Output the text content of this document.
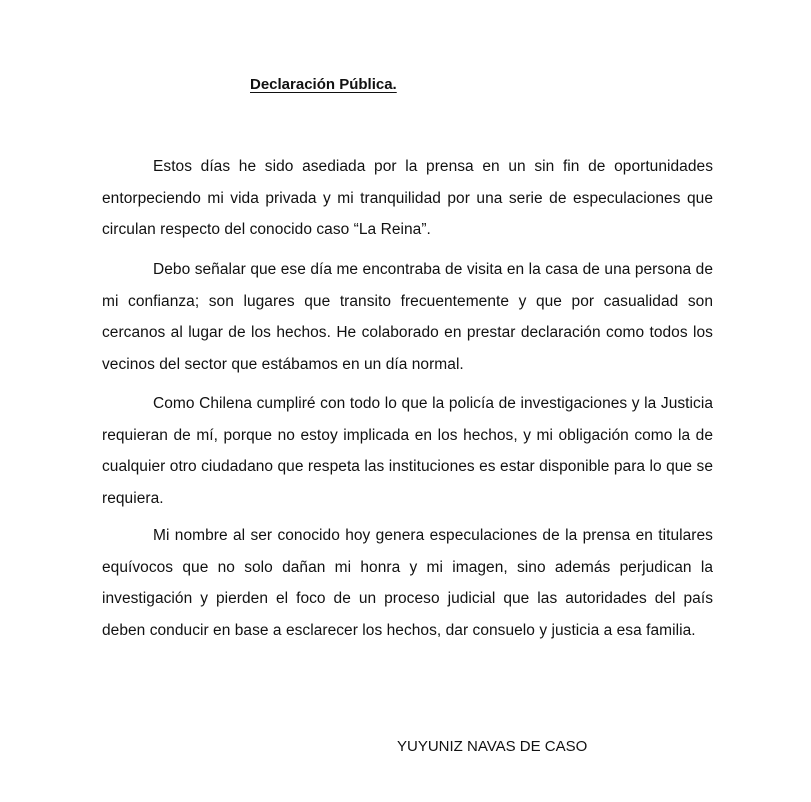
Declaración Pública.

Estos días he sido asediada por la prensa en un sin fin de oportunidades entorpeciendo mi vida privada y mi tranquilidad por una serie de especulaciones que circulan respecto del conocido caso “La Reina”.

Debo señalar que ese día me encontraba de visita en la casa de una persona de mi confianza; son lugares que transito frecuentemente y que por casualidad son cercanos al lugar de los hechos. He colaborado en prestar declaración como todos los vecinos del sector que estábamos en un día normal.

Como Chilena cumpliré con todo lo que la policía de investigaciones y la Justicia requieran de mí, porque no estoy implicada en los hechos, y mi obligación como la de cualquier otro ciudadano que respeta las instituciones es estar disponible para lo que se requiera.

Mi nombre al ser conocido hoy genera especulaciones de la prensa en titulares equívocos que no solo dañan mi honra y mi imagen, sino además perjudican la investigación y pierden el foco de un proceso judicial que las autoridades del país deben conducir en base a esclarecer los hechos, dar consuelo y justicia a esa familia.

YUYUNIZ NAVAS DE CASO
